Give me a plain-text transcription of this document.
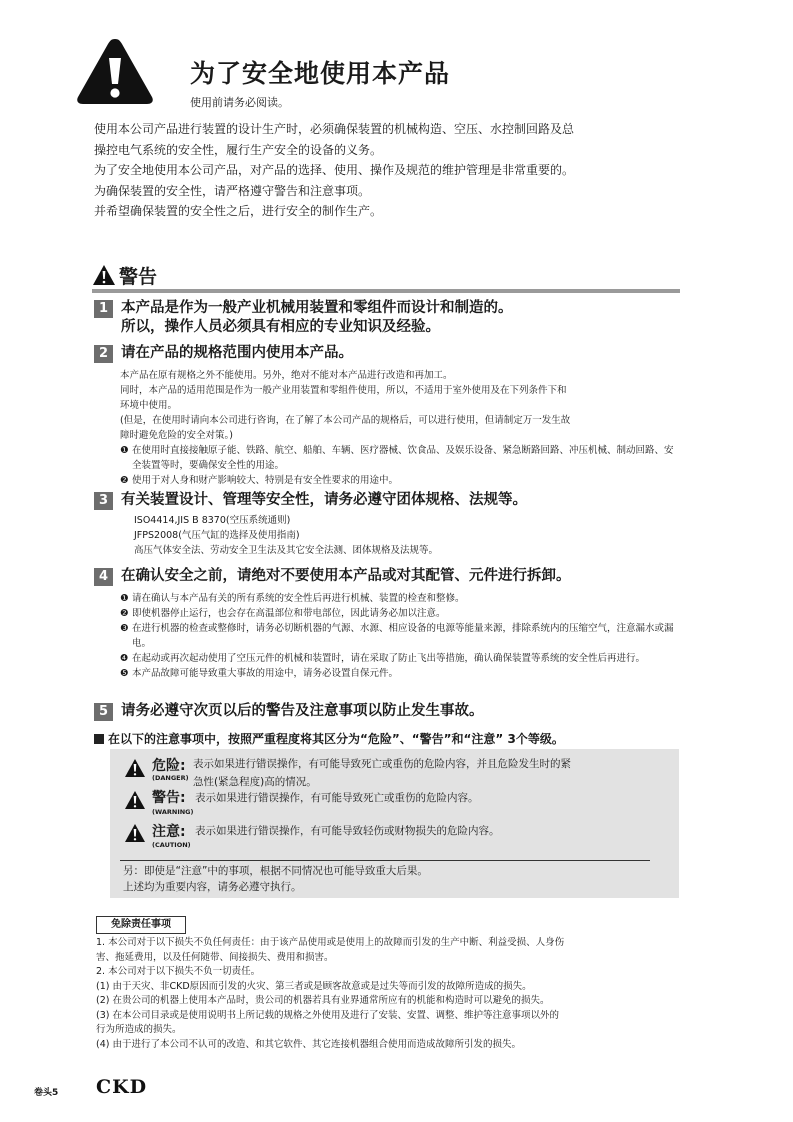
为了安全地使用本产品
使用前请务必阅读。

使用本公司产品进行装置的设计生产时，必须确保装置的机械构造、空压、水控制回路及总

操控电气系统的安全性，履行生产安全的设备的义务。

为了安全地使用本公司产品，对产品的选择、使用、操作及规范的维护管理是非常重要的。

为确保装置的安全性，请严格遵守警告和注意事项。

并希望确保装置的安全性之后，进行安全的制作生产。

警告
1 本产品是作为一般产业机械用装置和零组件而设计和制造的。
所以，操作人员必须具有相应的专业知识及经验。
2 请在产品的规格范围内使用本产品。

本产品在原有规格之外不能使用。另外，绝对不能对本产品进行改造和再加工。

同时，本产品的适用范围是作为一般产业用装置和零组件使用，所以，不适用于室外使用及在下列条件下和

环境中使用。

(但是，在使用时请向本公司进行咨询，在了解了本公司产品的规格后，可以进行使用，但请制定万一发生故

障时避免危险的安全对策。)

❶ 在使用时直接接触原子能、铁路、航空、船舶、车辆、医疗器械、饮食品、及娱乐设备、紧急断路回路、冲压机械、制动回路、安全装置等时，要确保安全性的用途。
❷ 使用于对人身和财产影响较大、特别是有安全性要求的用途中。
3 有关装置设计、管理等安全性，请务必遵守团体规格、法规等。

ISO4414,JIS B 8370(空压系统通则)

JFPS2008(气压气缸的选择及使用指南)

高压气体安全法、劳动安全卫生法及其它安全法测、团体规格及法规等。

4 在确认安全之前，请绝对不要使用本产品或对其配管、元件进行拆卸。
❶ 请在确认与本产品有关的所有系统的安全性后再进行机械、装置的检查和整修。
❷ 即使机器停止运行，也会存在高温部位和带电部位，因此请务必加以注意。
❸ 在进行机器的检查或整修时，请务必切断机器的气源、水源、相应设备的电源等能量来源，排除系统内的压缩空气，注意漏水或漏电。
❹ 在起动或再次起动使用了空压元件的机械和装置时，请在采取了防止飞出等措施，确认确保装置等系统的安全性后再进行。
❺ 本产品故障可能导致重大事故的用途中，请务必设置自保元件。
5 请务必遵守次页以后的警告及注意事项以防止发生事故。
在以下的注意事项中，按照严重程度将其区分为“危险”、“警告”和“注意” 3个等级。
危险:
(DANGER)
表示如果进行错误操作，有可能导致死亡或重伤的危险内容，并且危险发生时的紧
急性(紧急程度)高的情况。
警告:
(WARNING)
表示如果进行错误操作，有可能导致死亡或重伤的危险内容。
注意:
(CAUTION)
表示如果进行错误操作，有可能导致轻伤或财物损失的危险内容。

另：即使是“注意”中的事项，根据不同情况也可能导致重大后果。

上述均为重要内容，请务必遵守执行。

免除责任事项

1. 本公司对于以下损失不负任何责任：由于该产品使用或是使用上的故障而引发的生产中断、利益受损、人身伤

害、拖延费用，以及任何随带、间接损失、费用和损害。

2. 本公司对于以下损失不负一切责任。

(1) 由于天灾、非CKD原因而引发的火灾、第三者或是顾客故意或是过失等而引发的故障所造成的损失。

(2) 在贵公司的机器上使用本产品时，贵公司的机器若具有业界通常所应有的机能和构造时可以避免的损失。

(3) 在本公司目录或是使用说明书上所记载的规格之外使用及进行了安装、安置、调整、维护等注意事项以外的

行为所造成的损失。

(4) 由于进行了本公司不认可的改造、和其它软件、其它连接机器组合使用而造成故障所引发的损失。

卷头5 CKD
